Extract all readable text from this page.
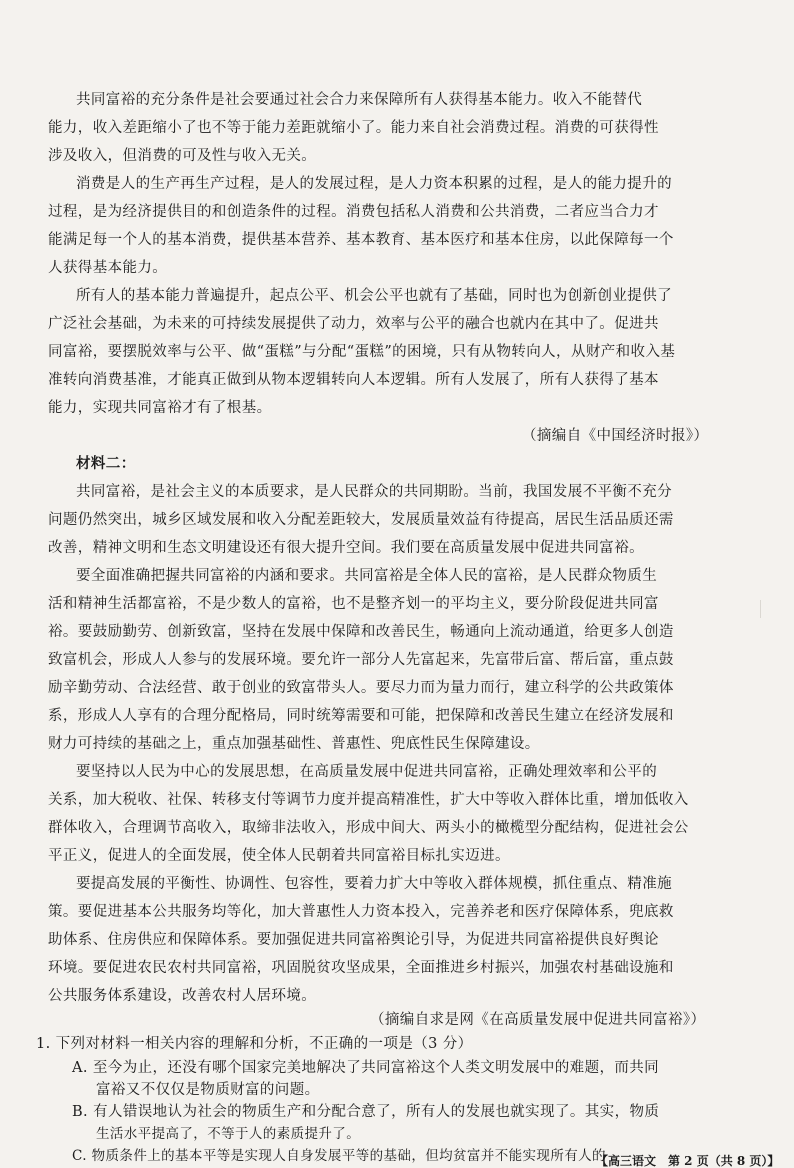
共同富裕的充分条件是社会要通过社会合力来保障所有人获得基本能力。收入不能替代
能力，收入差距缩小了也不等于能力差距就缩小了。能力来自社会消费过程。消费的可获得性
涉及收入，但消费的可及性与收入无关。
消费是人的生产再生产过程，是人的发展过程，是人力资本积累的过程，是人的能力提升的
过程，是为经济提供目的和创造条件的过程。消费包括私人消费和公共消费，二者应当合力才
能满足每一个人的基本消费，提供基本营养、基本教育、基本医疗和基本住房，以此保障每一个
人获得基本能力。
所有人的基本能力普遍提升，起点公平、机会公平也就有了基础，同时也为创新创业提供了
广泛社会基础，为未来的可持续发展提供了动力，效率与公平的融合也就内在其中了。促进共
同富裕，要摆脱效率与公平、做“蛋糕”与分配“蛋糕”的困境，只有从物转向人，从财产和收入基
准转向消费基准，才能真正做到从物本逻辑转向人本逻辑。所有人发展了，所有人获得了基本
能力，实现共同富裕才有了根基。
（摘编自《中国经济时报》）
材料二：
共同富裕，是社会主义的本质要求，是人民群众的共同期盼。当前，我国发展不平衡不充分
问题仍然突出，城乡区域发展和收入分配差距较大，发展质量效益有待提高，居民生活品质还需
改善，精神文明和生态文明建设还有很大提升空间。我们要在高质量发展中促进共同富裕。
要全面准确把握共同富裕的内涵和要求。共同富裕是全体人民的富裕，是人民群众物质生
活和精神生活都富裕，不是少数人的富裕，也不是整齐划一的平均主义，要分阶段促进共同富
裕。要鼓励勤劳、创新致富，坚持在发展中保障和改善民生，畅通向上流动通道，给更多人创造
致富机会，形成人人参与的发展环境。要允许一部分人先富起来，先富带后富、帮后富，重点鼓
励辛勤劳动、合法经营、敢于创业的致富带头人。要尽力而为量力而行，建立科学的公共政策体
系，形成人人享有的合理分配格局，同时统筹需要和可能，把保障和改善民生建立在经济发展和
财力可持续的基础之上，重点加强基础性、普惠性、兜底性民生保障建设。
要坚持以人民为中心的发展思想，在高质量发展中促进共同富裕，正确处理效率和公平的
关系，加大税收、社保、转移支付等调节力度并提高精准性，扩大中等收入群体比重，增加低收入
群体收入，合理调节高收入，取缔非法收入，形成中间大、两头小的橄榄型分配结构，促进社会公
平正义，促进人的全面发展，使全体人民朝着共同富裕目标扎实迈进。
要提高发展的平衡性、协调性、包容性，要着力扩大中等收入群体规模，抓住重点、精准施
策。要促进基本公共服务均等化，加大普惠性人力资本投入，完善养老和医疗保障体系，兜底救
助体系、住房供应和保障体系。要加强促进共同富裕舆论引导，为促进共同富裕提供良好舆论
环境。要促进农民农村共同富裕，巩固脱贫攻坚成果，全面推进乡村振兴，加强农村基础设施和
公共服务体系建设，改善农村人居环境。
（摘编自求是网《在高质量发展中促进共同富裕》）
1. 下列对材料一相关内容的理解和分析，不正确的一项是（3 分）
A. 至今为止，还没有哪个国家完美地解决了共同富裕这个人类文明发展中的难题，而共同
富裕又不仅仅是物质财富的问题。
B. 有人错误地认为社会的物质生产和分配合意了，所有人的发展也就实现了。其实，物质
生活水平提高了，不等于人的素质提升了。
C. 物质条件上的基本平等是实现人自身发展平等的基础，但均贫富并不能实现所有人的
【高三语文　第 2 页（共 8 页）】
